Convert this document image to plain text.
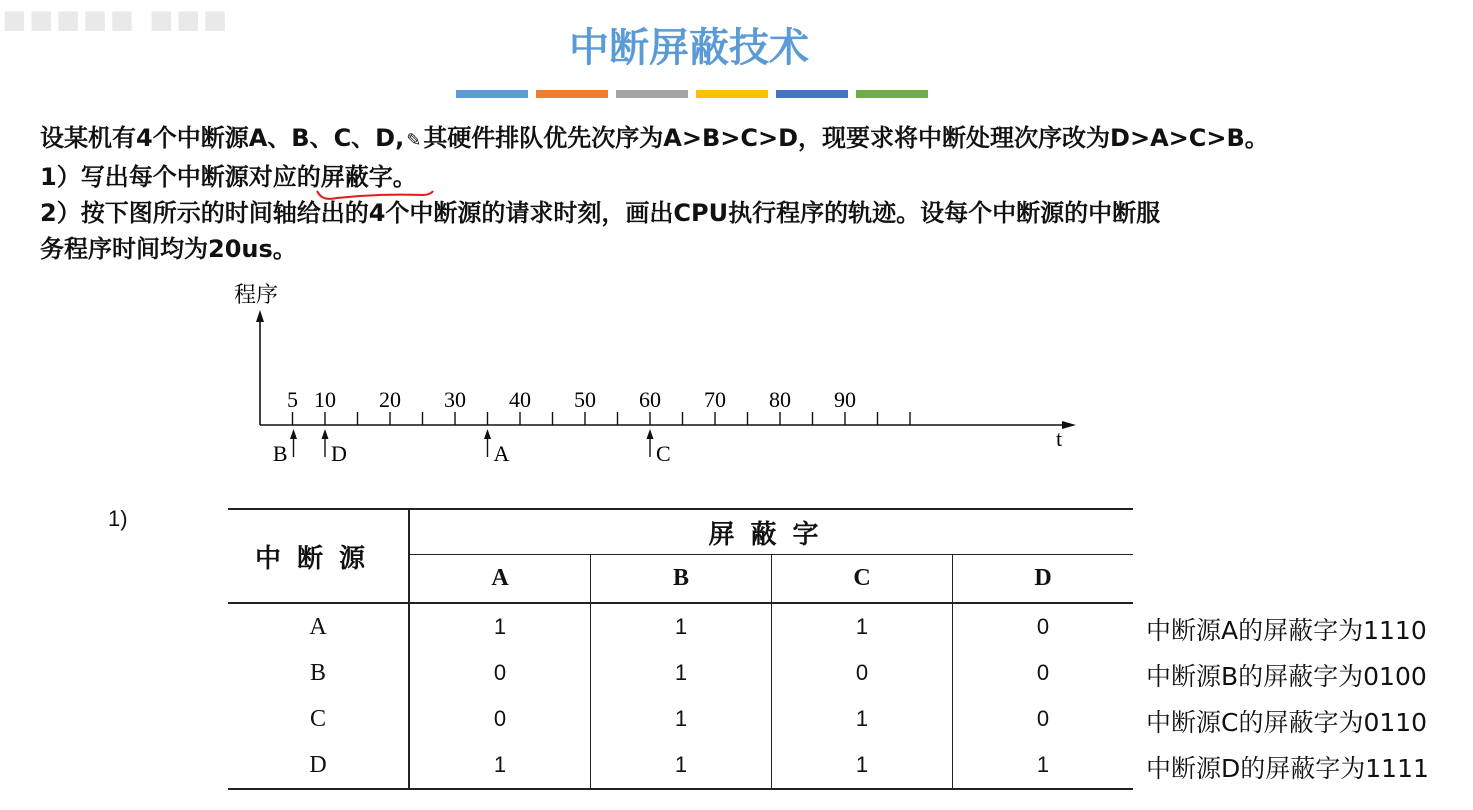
◼◼◼◼◼ ◼◼◼
中断屏蔽技术
设某机有4个中断源A、B、C、D, ✎其硬件排队优先次序为A>B>C>D，现要求将中断处理次序改为D>A>C>B。
1）写出每个中断源对应的屏蔽字
。
2）按下图所示的时间轴给出的4个中断源的请求时刻，画出CPU执行程序的轨迹。设每个中断源的中断服
务程序时间均为20us。
程序
t
5 10 20 30 40 50 60 70 80 90
B D	A	C
1)
中断源	屏蔽字			
	A	B	C	D
A	1	1	1	0
B	0	1	0	0
C	0	1	1	0
D	1	1	1	1
中断源A的屏蔽字为1110
中断源B的屏蔽字为0100
中断源C的屏蔽字为0110
中断源D的屏蔽字为1111
